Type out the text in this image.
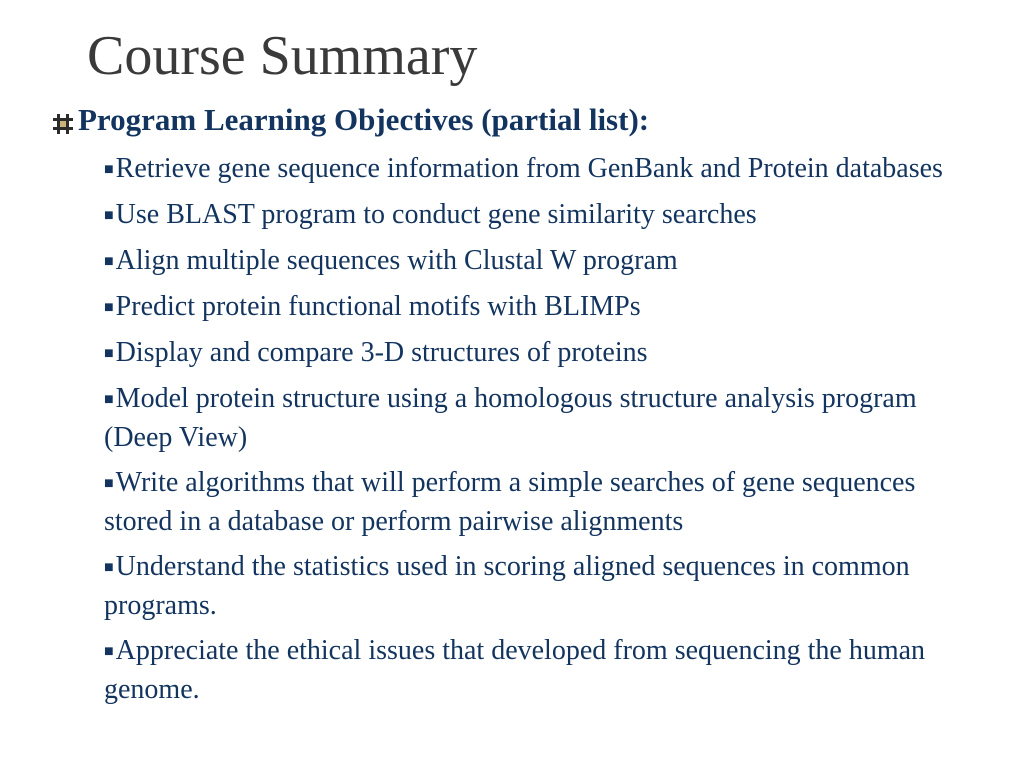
Course Summary
Program Learning Objectives (partial list):
■Retrieve gene sequence information from GenBank and Protein databases
■Use BLAST program to conduct gene similarity searches
■Align multiple sequences with Clustal W program
■Predict protein functional motifs with BLIMPs
■Display and compare 3-D structures of proteins
■Model protein structure using a homologous structure analysis program (Deep View)
■Write algorithms that will perform a simple searches of gene sequences stored in a database or perform pairwise alignments
■Understand the statistics used in scoring aligned sequences in common programs.
■Appreciate the ethical issues that developed from sequencing the human genome.
